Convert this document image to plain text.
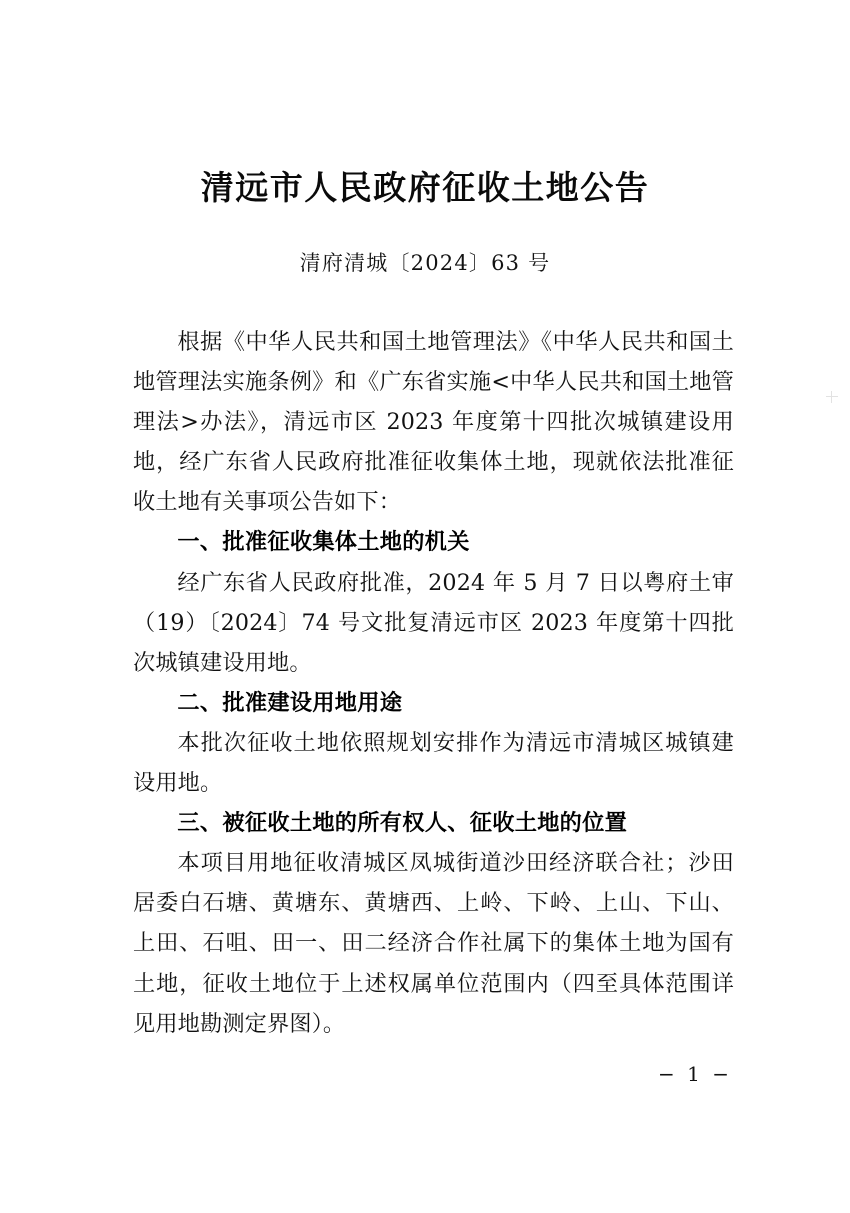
清远市人民政府征收土地公告
清府清城〔2024〕63 号

根据《中华人民共和国土地管理法》《中华人民共和国土地管理法实施条例》和《广东省实施<中华人民共和国土地管理法>办法》，清远市区 2023 年度第十四批次城镇建设用地，经广东省人民政府批准征收集体土地，现就依法批准征收土地有关事项公告如下：

一、批准征收集体土地的机关

经广东省人民政府批准，2024 年 5 月 7 日以粤府土审（19）〔2024〕74 号文批复清远市区 2023 年度第十四批次城镇建设用地。

二、批准建设用地用途

本批次征收土地依照规划安排作为清远市清城区城镇建设用地。

三、被征收土地的所有权人、征收土地的位置

本项目用地征收清城区凤城街道沙田经济联合社；沙田居委白石塘、黄塘东、黄塘西、上岭、下岭、上山、下山、上田、石咀、田一、田二经济合作社属下的集体土地为国有土地，征收土地位于上述权属单位范围内（四至具体范围详见用地勘测定界图）。

− 1 −
